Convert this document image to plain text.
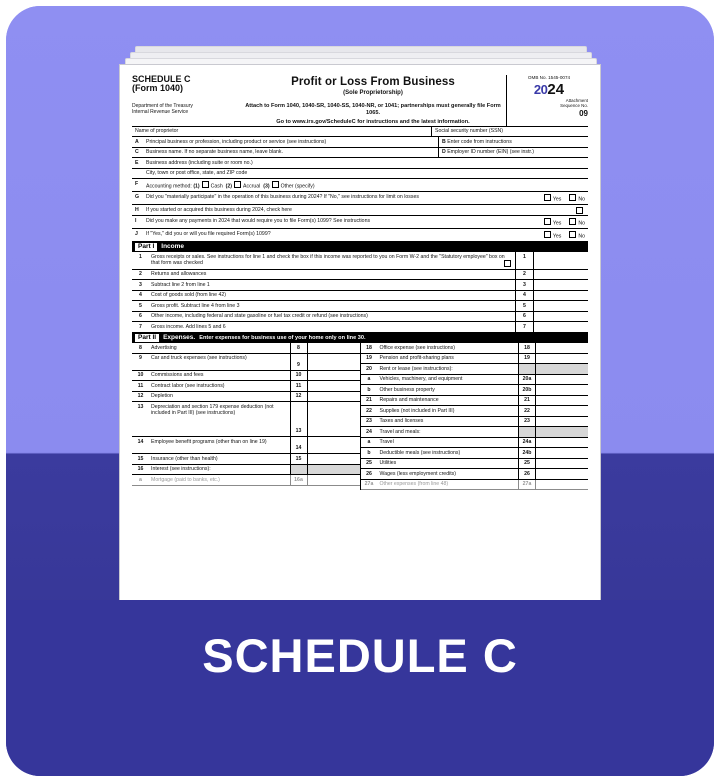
SCHEDULE C
(Form 1040)
Department of the Treasury
Internal Revenue Service
Profit or Loss From Business
(Sole Proprietorship)
Attach to Form 1040, 1040-SR, 1040-SS, 1040-NR, or 1041; partnerships must generally file Form 1065.
Go to www.irs.gov/ScheduleC for instructions and the latest information.
OMB No. 1545-0074
2024
Attachment
Sequence No.
09
Name of proprietor	Social security number (SSN)
A	Principal business or profession, including product or service (see instructions)	B Enter code from instructions
C	Business name. If no separate business name, leave blank.	D Employer ID number (EIN) (see instr.)
E	Business address (including suite or room no.)
City, town or post office, state, and ZIP code
F	Accounting method: (1) Cash (2) Accrual (3) Other (specify)
G	Did you "materially participate" in the operation of this business during 2024? If "No," see instructions for limit on losses	Yes	No
H	If you started or acquired this business during 2024, check here
I	Did you make any payments in 2024 that would require you to file Form(s) 1099? See instructions	Yes	No
J	If "Yes," did you or will you file required Form(s) 1099?	Yes	No
Part I	Income
1	Gross receipts or sales. See instructions for line 1 and check the box if this income was reported to you on Form W-2 and the "Statutory employee" box on that form was checked
1
2	Returns and allowances	2
3	Subtract line 2 from line 1	3
4	Cost of goods sold (from line 42)	4
5	Gross profit. Subtract line 4 from line 3	5
6	Other income, including federal and state gasoline or fuel tax credit or refund (see instructions)	6
7	Gross income. Add lines 5 and 6	7
Part II	Expenses. Enter expenses for business use of your home only on line 30.
8	Advertising	8
9	Car and truck expenses (see instructions)
9
10	Commissions and fees	10
11	Contract labor (see instructions)	11
12	Depletion	12
13	Depreciation and section 179 expense deduction (not included in Part III) (see instructions)
13
14	Employee benefit programs (other than on line 19)
14
15	Insurance (other than health)	15
16	Interest (see instructions):
a	Mortgage (paid to banks, etc.)	16a
18	Office expense (see instructions)	18
19	Pension and profit-sharing plans	19
20	Rent or lease (see instructions):
a	Vehicles, machinery, and equipment	20a
b	Other business property	20b
21	Repairs and maintenance	21
22	Supplies (not included in Part III)	22
23	Taxes and licenses	23
24	Travel and meals:
a	Travel	24a
b	Deductible meals (see instructions)	24b
25	Utilities	25
26	Wages (less employment credits)	26
27a	Other expenses (from line 48)	27a
SCHEDULE C
